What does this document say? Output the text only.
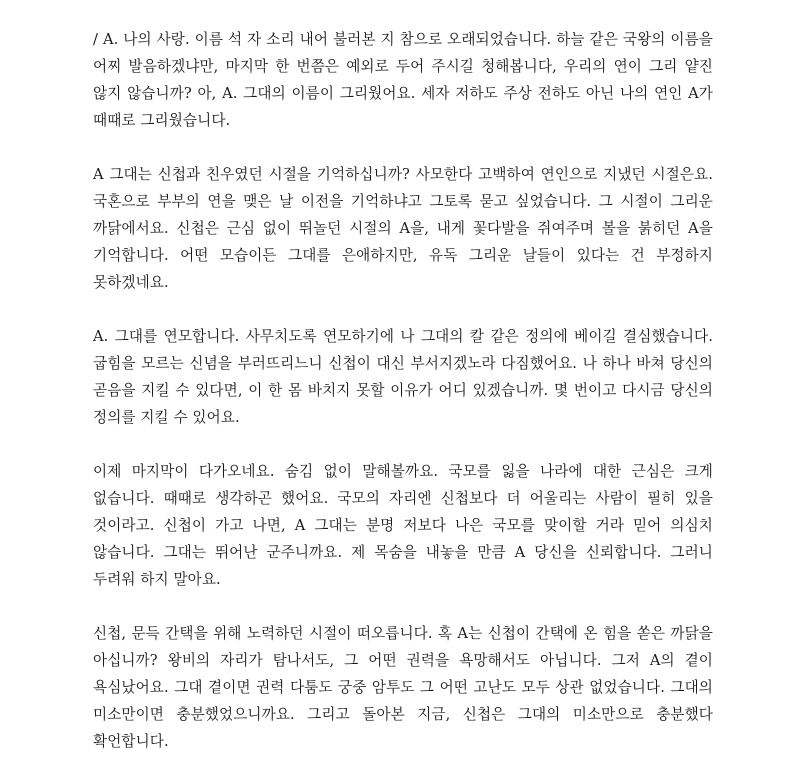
/ A. 나의 사랑. 이름 석 자 소리 내어 불러본 지 참으로 오래되었습니다. 하늘 같은 국왕의 이름을 어찌 발음하겠냐만, 마지막 한 번쯤은 예외로 두어 주시길 청해봅니다, 우리의 연이 그리 얕진 않지 않습니까? 아, A. 그대의 이름이 그리웠어요. 세자 저하도 주상 전하도 아닌 나의 연인 A가 때때로 그리웠습니다.

A 그대는 신첩과 친우였던 시절을 기억하십니까? 사모한다 고백하여 연인으로 지냈던 시절은요. 국혼으로 부부의 연을 맺은 날 이전을 기억하냐고 그토록 묻고 싶었습니다. 그 시절이 그리운 까닭에서요. 신첩은 근심 없이 뛰놀던 시절의 A을, 내게 꽃다발을 쥐여주며 볼을 붉히던 A을 기억합니다. 어떤 모습이든 그대를 은애하지만, 유독 그리운 날들이 있다는 건 부정하지 못하겠네요.

A. 그대를 연모합니다. 사무치도록 연모하기에 나 그대의 칼 같은 정의에 베이길 결심했습니다. 굽힘을 모르는 신념을 부러뜨리느니 신첩이 대신 부서지겠노라 다짐했어요. 나 하나 바쳐 당신의 곧음을 지킬 수 있다면, 이 한 몸 바치지 못할 이유가 어디 있겠습니까. 몇 번이고 다시금 당신의 정의를 지킬 수 있어요.

이제 마지막이 다가오네요. 숨김 없이 말해볼까요. 국모를 잃을 나라에 대한 근심은 크게 없습니다. 때때로 생각하곤 했어요. 국모의 자리엔 신첩보다 더 어울리는 사람이 필히 있을 것이라고. 신첩이 가고 나면, A 그대는 분명 저보다 나은 국모를 맞이할 거라 믿어 의심치 않습니다. 그대는 뛰어난 군주니까요. 제 목숨을 내놓을 만큼 A 당신을 신뢰합니다. 그러니 두려워 하지 말아요.

신첩, 문득 간택을 위해 노력하던 시절이 떠오릅니다. 혹 A는 신첩이 간택에 온 힘을 쏟은 까닭을 아십니까? 왕비의 자리가 탐나서도, 그 어떤 권력을 욕망해서도 아닙니다. 그저 A의 곁이 욕심났어요. 그대 곁이면 권력 다툼도 궁중 암투도 그 어떤 고난도 모두 상관 없었습니다. 그대의 미소만이면 충분했었으니까요. 그리고 돌아본 지금, 신첩은 그대의 미소만으로 충분했다 확언합니다.
